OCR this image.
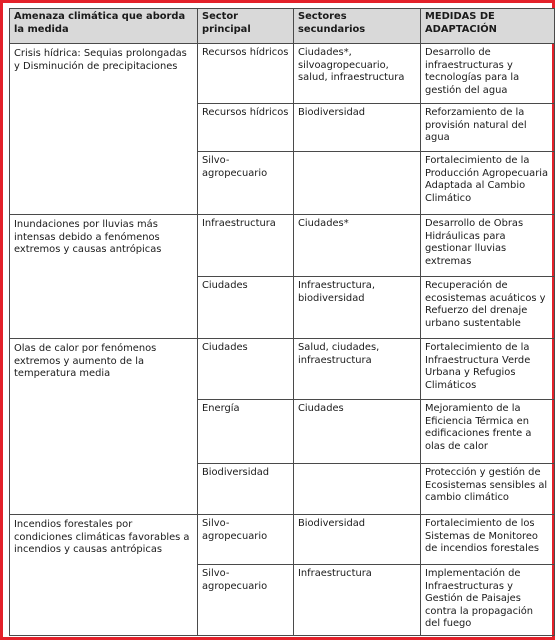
Amenaza climática que aborda la medida	Sector principal	Sectores secundarios	MEDIDAS DE ADAPTACIÓN
Crisis hídrica: Sequias prolongadas y Disminución de precipitaciones	Recursos hídricos	Ciudades*, silvoagropecuario, salud, infraestructura	Desarrollo de infraestructuras y tecnologías para la gestión del agua
	Recursos hídricos	Biodiversidad	Reforzamiento de la provisión natural del agua
	Silvo-agropecuario		Fortalecimiento de la Producción Agropecuaria Adaptada al Cambio Climático
Inundaciones por lluvias más intensas debido a fenómenos extremos y causas antrópicas	Infraestructura	Ciudades*	Desarrollo de Obras Hidráulicas para gestionar lluvias extremas
	Ciudades	Infraestructura, biodiversidad	Recuperación de ecosistemas acuáticos y Refuerzo del drenaje urbano sustentable
Olas de calor por fenómenos extremos y aumento de la temperatura media	Ciudades	Salud, ciudades, infraestructura	Fortalecimiento de la Infraestructura Verde Urbana y Refugios Climáticos
	Energía	Ciudades	Mejoramiento de la Eficiencia Térmica en edificaciones frente a olas de calor
	Biodiversidad		Protección y gestión de Ecosistemas sensibles al cambio climático
Incendios forestales por condiciones climáticas favorables a incendios y causas antrópicas	Silvo-agropecuario	Biodiversidad	Fortalecimiento de los Sistemas de Monitoreo de incendios forestales
	Silvo-agropecuario	Infraestructura	Implementación de Infraestructuras y Gestión de Paisajes contra la propagación del fuego
